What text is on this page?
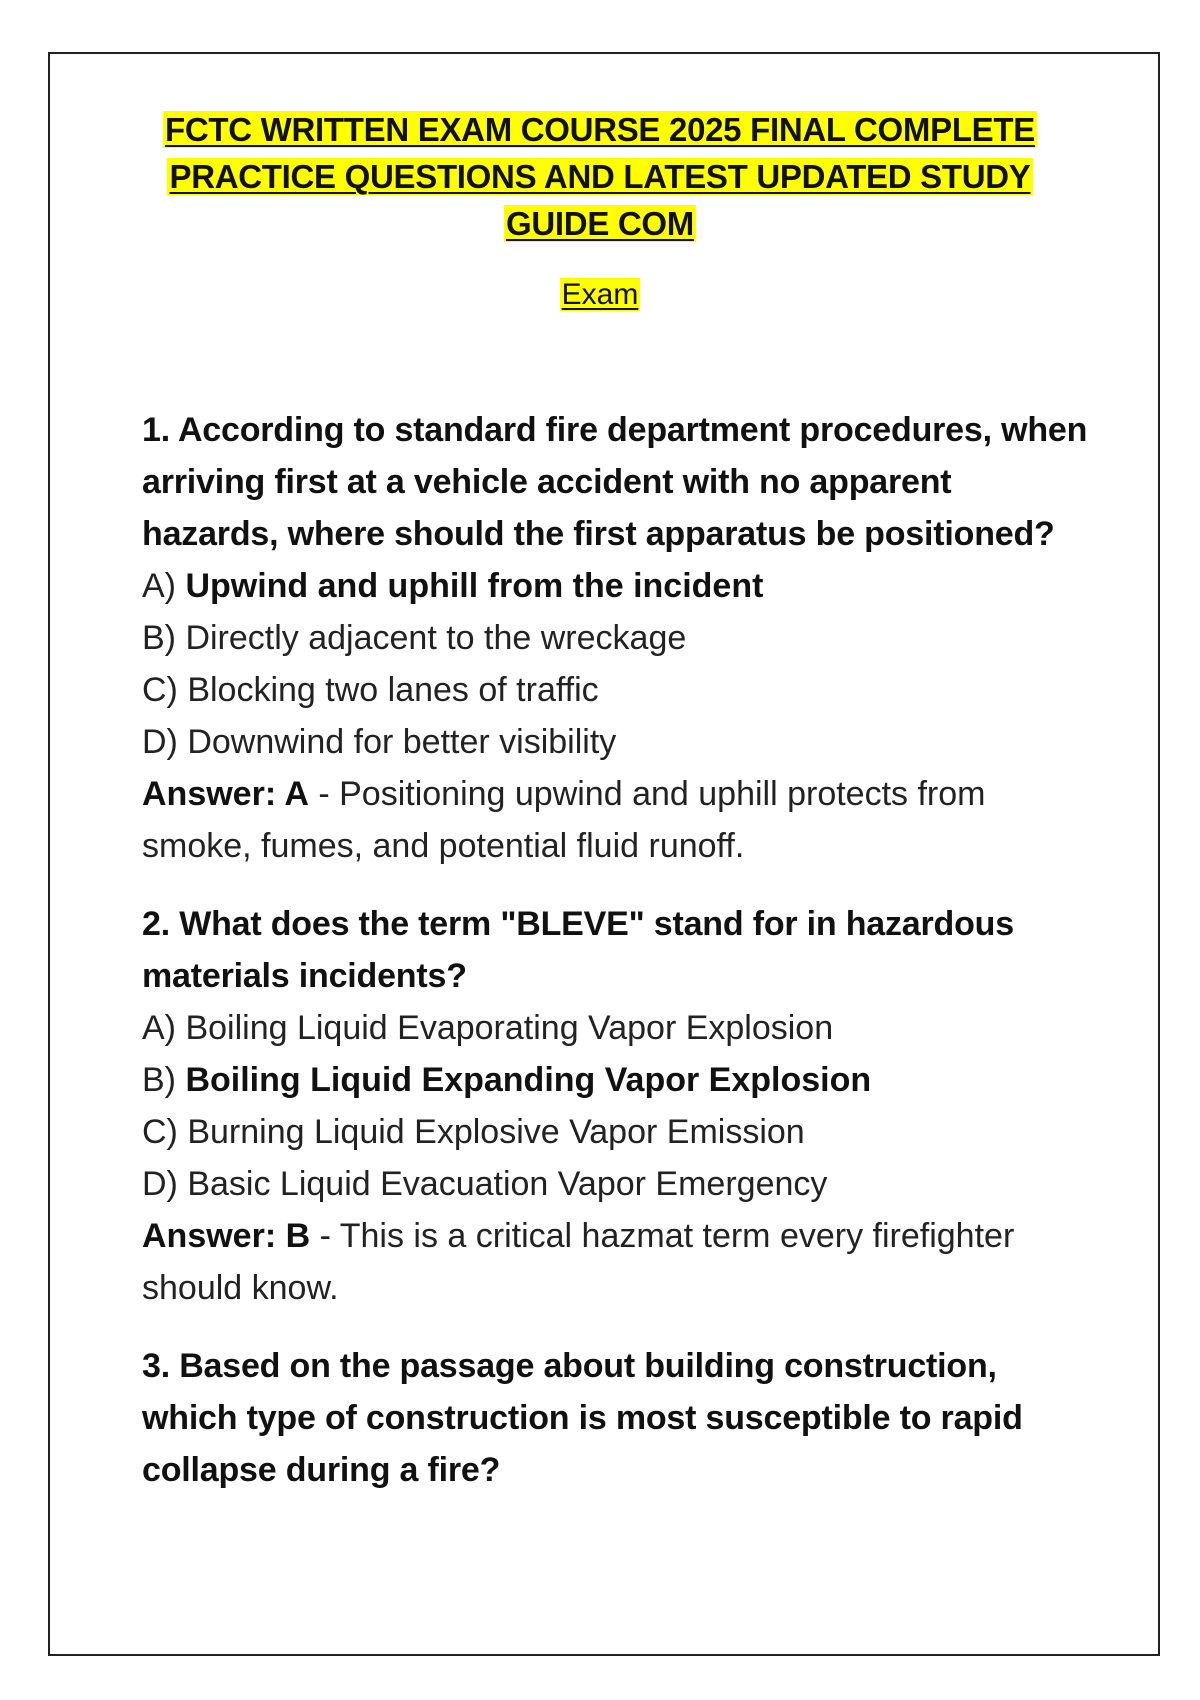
FCTC WRITTEN EXAM COURSE 2025 FINAL COMPLETE
PRACTICE QUESTIONS AND LATEST UPDATED STUDY
GUIDE COM
Exam
1. According to standard fire department procedures, when arriving first at a vehicle accident with no apparent hazards, where should the first apparatus be positioned?
A) Upwind and uphill from the incident
B) Directly adjacent to the wreckage
C) Blocking two lanes of traffic
D) Downwind for better visibility
Answer: A - Positioning upwind and uphill protects from smoke, fumes, and potential fluid runoff.
2. What does the term "BLEVE" stand for in hazardous materials incidents?
A) Boiling Liquid Evaporating Vapor Explosion
B) Boiling Liquid Expanding Vapor Explosion
C) Burning Liquid Explosive Vapor Emission
D) Basic Liquid Evacuation Vapor Emergency
Answer: B - This is a critical hazmat term every firefighter should know.
3. Based on the passage about building construction, which type of construction is most susceptible to rapid collapse during a fire?
